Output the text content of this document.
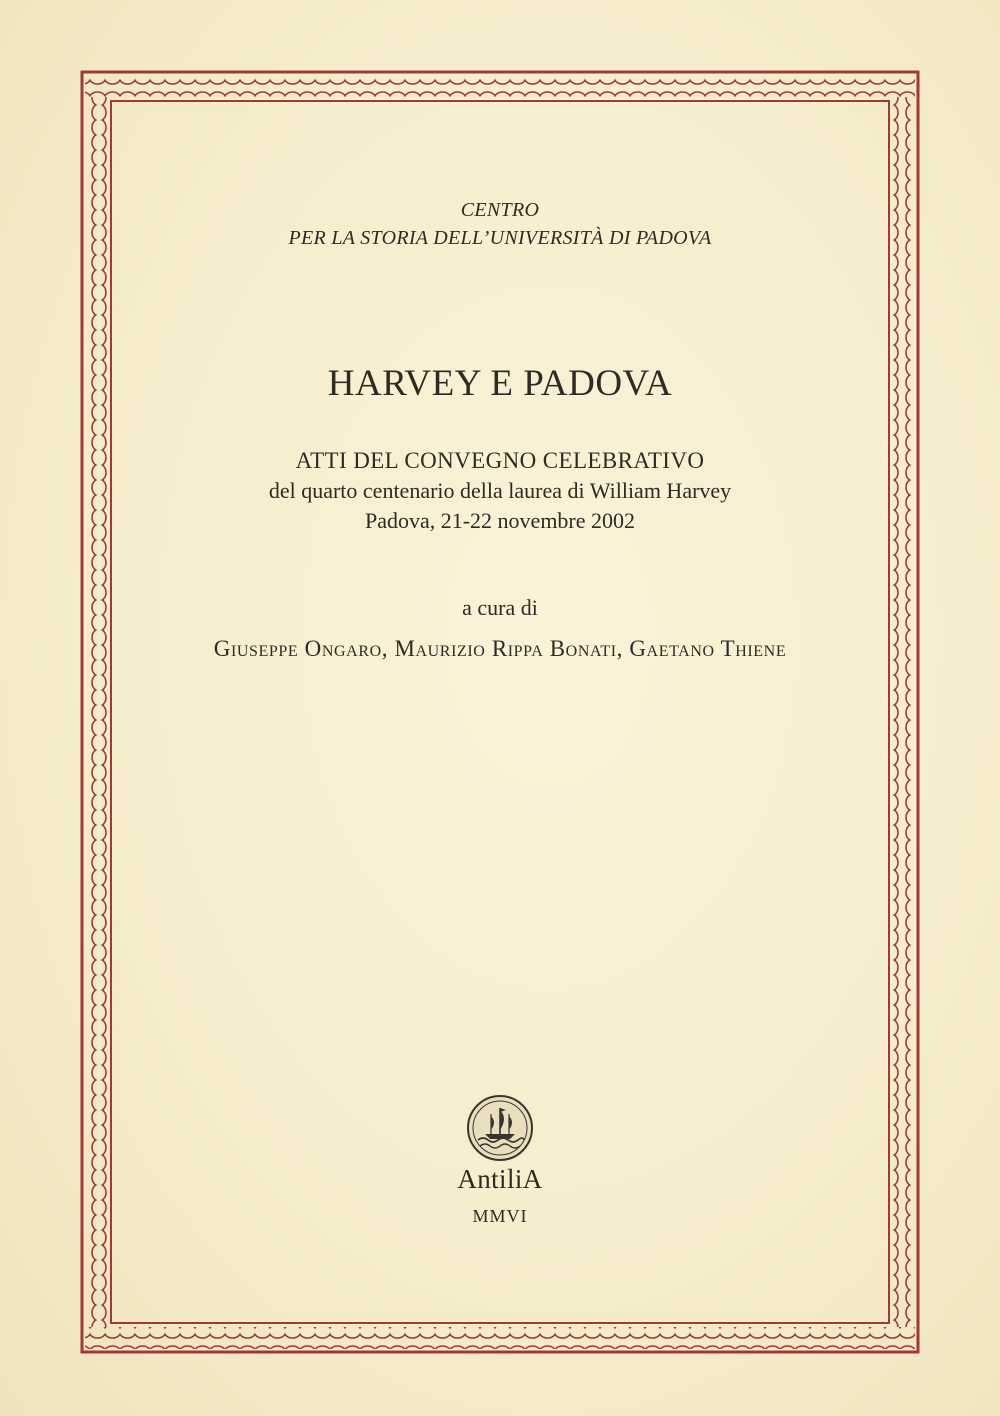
CENTRO
PER LA STORIA DELL’UNIVERSITÀ DI PADOVA
HARVEY E PADOVA
ATTI DEL CONVEGNO CELEBRATIVO
del quarto centenario della laurea di William Harvey
Padova, 21-22 novembre 2002
a cura di
Giuseppe Ongaro, Maurizio Rippa Bonati, Gaetano Thiene
AntiliA
MMVI
